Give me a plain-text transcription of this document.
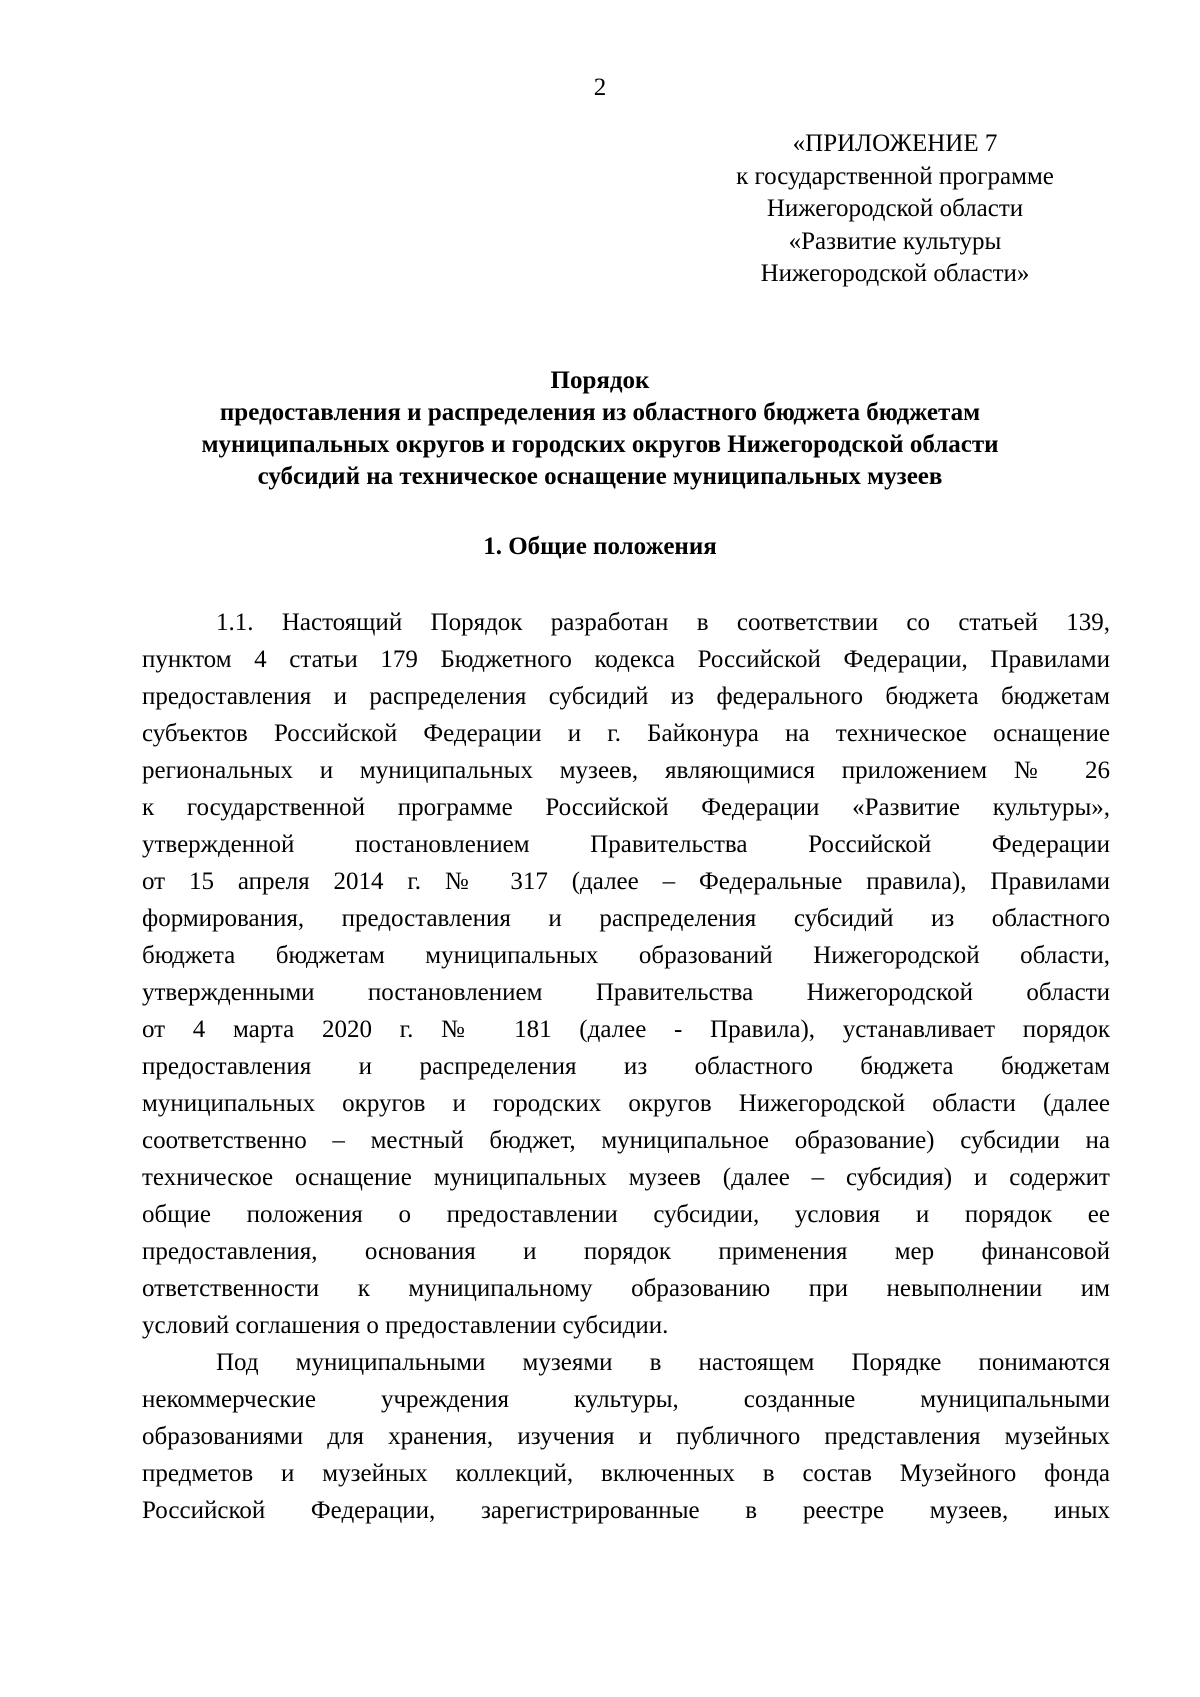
2
«ПРИЛОЖЕНИЕ 7
к государственной программе
Нижегородской области
«Развитие культуры
Нижегородской области»
Порядок
предоставления и распределения из областного бюджета бюджетам
муниципальных округов и городских округов Нижегородской области
субсидий на техническое оснащение муниципальных музеев
1. Общие положения
1.1. Настоящий Порядок разработан в соответствии со статьей 139,
пунктом 4 статьи 179 Бюджетного кодекса Российской Федерации, Правилами
предоставления и распределения субсидий из федерального бюджета бюджетам
субъектов Российской Федерации и г. Байконура на техническое оснащение
региональных и муниципальных музеев, являющимися приложением № 26
к государственной программе Российской Федерации «Развитие культуры»,
утвержденной постановлением Правительства Российской Федерации
от 15 апреля 2014 г. № 317 (далее – Федеральные правила), Правилами
формирования, предоставления и распределения субсидий из областного
бюджета бюджетам муниципальных образований Нижегородской области,
утвержденными постановлением Правительства Нижегородской области
от 4 марта 2020 г. № 181 (далее - Правила), устанавливает порядок
предоставления и распределения из областного бюджета бюджетам
муниципальных округов и городских округов Нижегородской области (далее
соответственно – местный бюджет, муниципальное образование) субсидии на
техническое оснащение муниципальных музеев (далее – субсидия) и содержит
общие положения о предоставлении субсидии, условия и порядок ее
предоставления, основания и порядок применения мер финансовой
ответственности к муниципальному образованию при невыполнении им
условий соглашения о предоставлении субсидии.
Под муниципальными музеями в настоящем Порядке понимаются
некоммерческие учреждения культуры, созданные муниципальными
образованиями для хранения, изучения и публичного представления музейных
предметов и музейных коллекций, включенных в состав Музейного фонда
Российской Федерации, зарегистрированные в реестре музеев, иных
